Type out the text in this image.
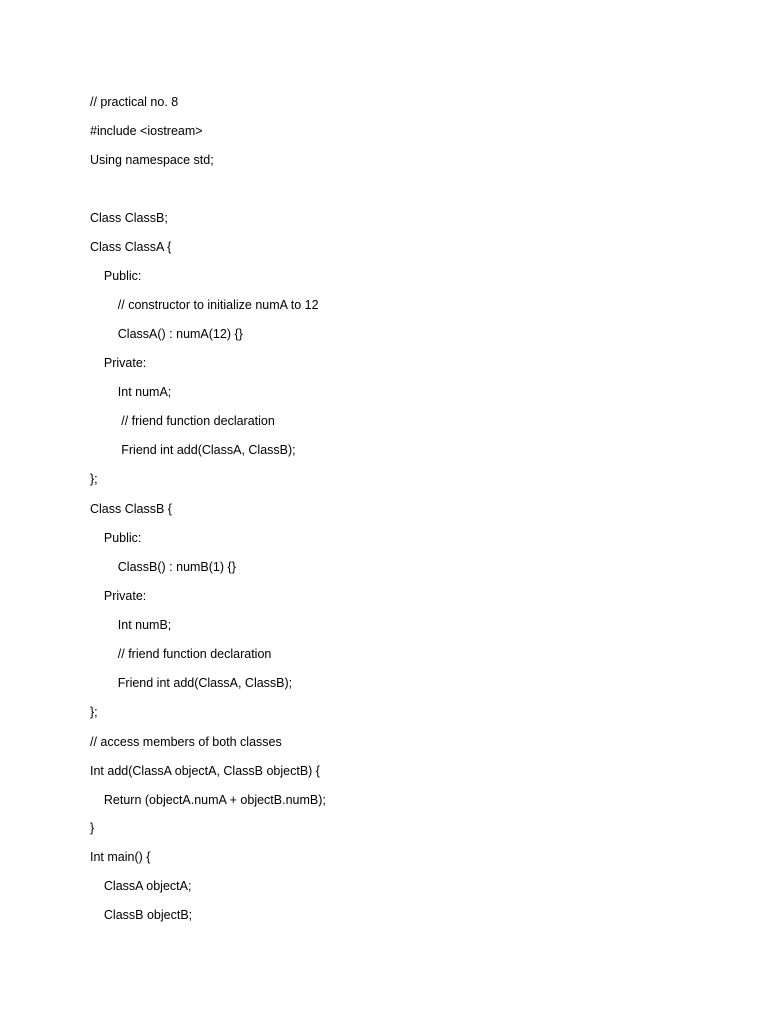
// practical no. 8
#include <iostream>
Using namespace std;
Class ClassB;
Class ClassA {
Public:
// constructor to initialize numA to 12
ClassA() : numA(12) {}
Private:
Int numA;
// friend function declaration
Friend int add(ClassA, ClassB);
};
Class ClassB {
Public:
ClassB() : numB(1) {}
Private:
Int numB;
// friend function declaration
Friend int add(ClassA, ClassB);
};
// access members of both classes
Int add(ClassA objectA, ClassB objectB) {
Return (objectA.numA + objectB.numB);
}
Int main() {
ClassA objectA;
ClassB objectB;
